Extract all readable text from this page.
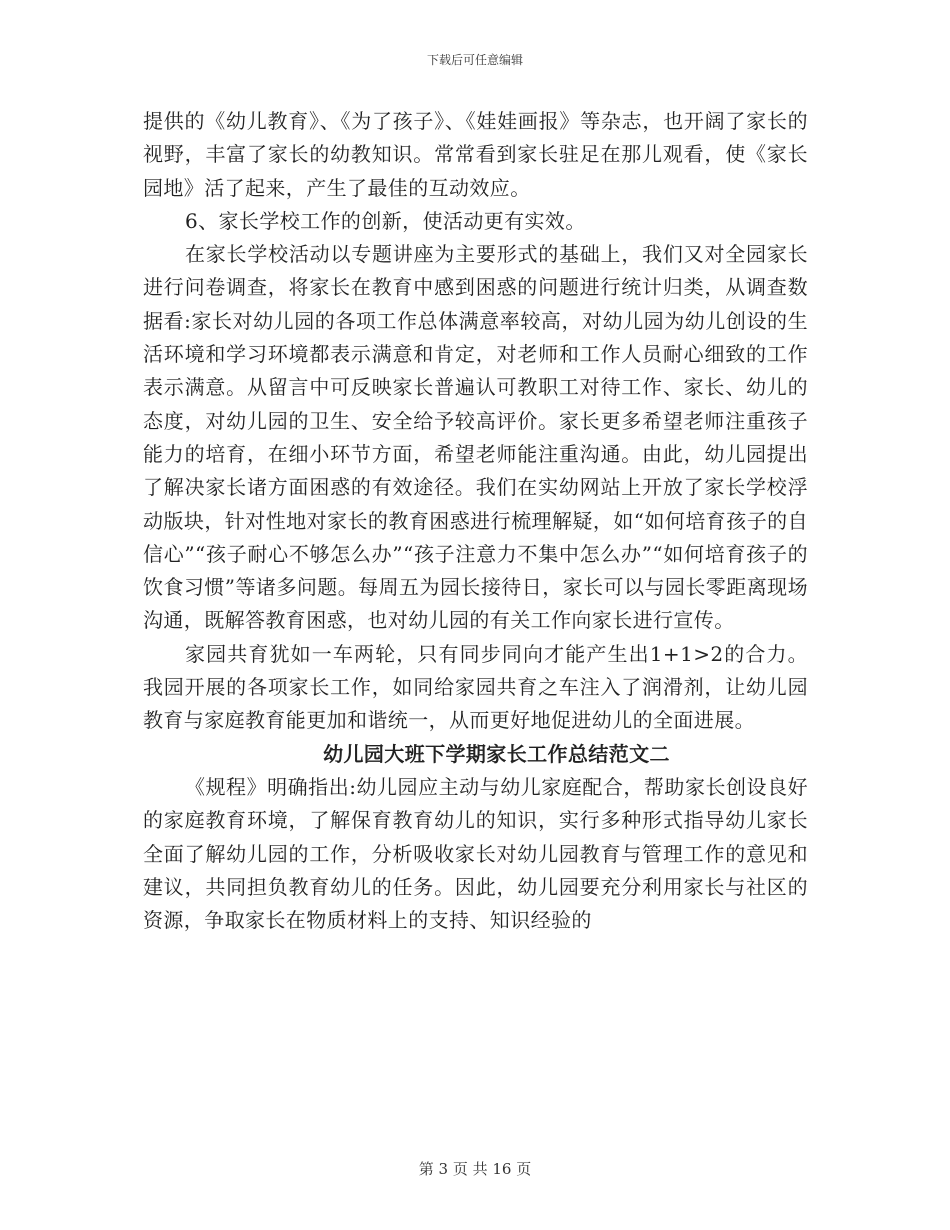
下载后可任意编辑

提供的《幼儿教育》、《为了孩子》、《娃娃画报》等杂志，也开阔了家长的视野，丰富了家长的幼教知识。常常看到家长驻足在那儿观看，使《家长园地》活了起来，产生了最佳的互动效应。

6、家长学校工作的创新，使活动更有实效。

在家长学校活动以专题讲座为主要形式的基础上，我们又对全园家长进行问卷调查，将家长在教育中感到困惑的问题进行统计归类，从调查数据看:家长对幼儿园的各项工作总体满意率较高，对幼儿园为幼儿创设的生活环境和学习环境都表示满意和肯定，对老师和工作人员耐心细致的工作表示满意。从留言中可反映家长普遍认可教职工对待工作、家长、幼儿的态度，对幼儿园的卫生、安全给予较高评价。家长更多希望老师注重孩子能力的培育，在细小环节方面，希望老师能注重沟通。由此，幼儿园提出了解决家长诸方面困惑的有效途径。我们在实幼网站上开放了家长学校浮动版块，针对性地对家长的教育困惑进行梳理解疑，如“如何培育孩子的自信心”“孩子耐心不够怎么办”“孩子注意力不集中怎么办”“如何培育孩子的饮食习惯”等诸多问题。每周五为园长接待日，家长可以与园长零距离现场沟通，既解答教育困惑，也对幼儿园的有关工作向家长进行宣传。

家园共育犹如一车两轮，只有同步同向才能产生出1+1>2的合力。我园开展的各项家长工作，如同给家园共育之车注入了润滑剂，让幼儿园教育与家庭教育能更加和谐统一，从而更好地促进幼儿的全面进展。

幼儿园大班下学期家长工作总结范文二

《规程》明确指出:幼儿园应主动与幼儿家庭配合，帮助家长创设良好的家庭教育环境，了解保育教育幼儿的知识，实行多种形式指导幼儿家长全面了解幼儿园的工作，分析吸收家长对幼儿园教育与管理工作的意见和建议，共同担负教育幼儿的任务。因此，幼儿园要充分利用家长与社区的资源，争取家长在物质材料上的支持、知识经验的

第 3 页 共 16 页
